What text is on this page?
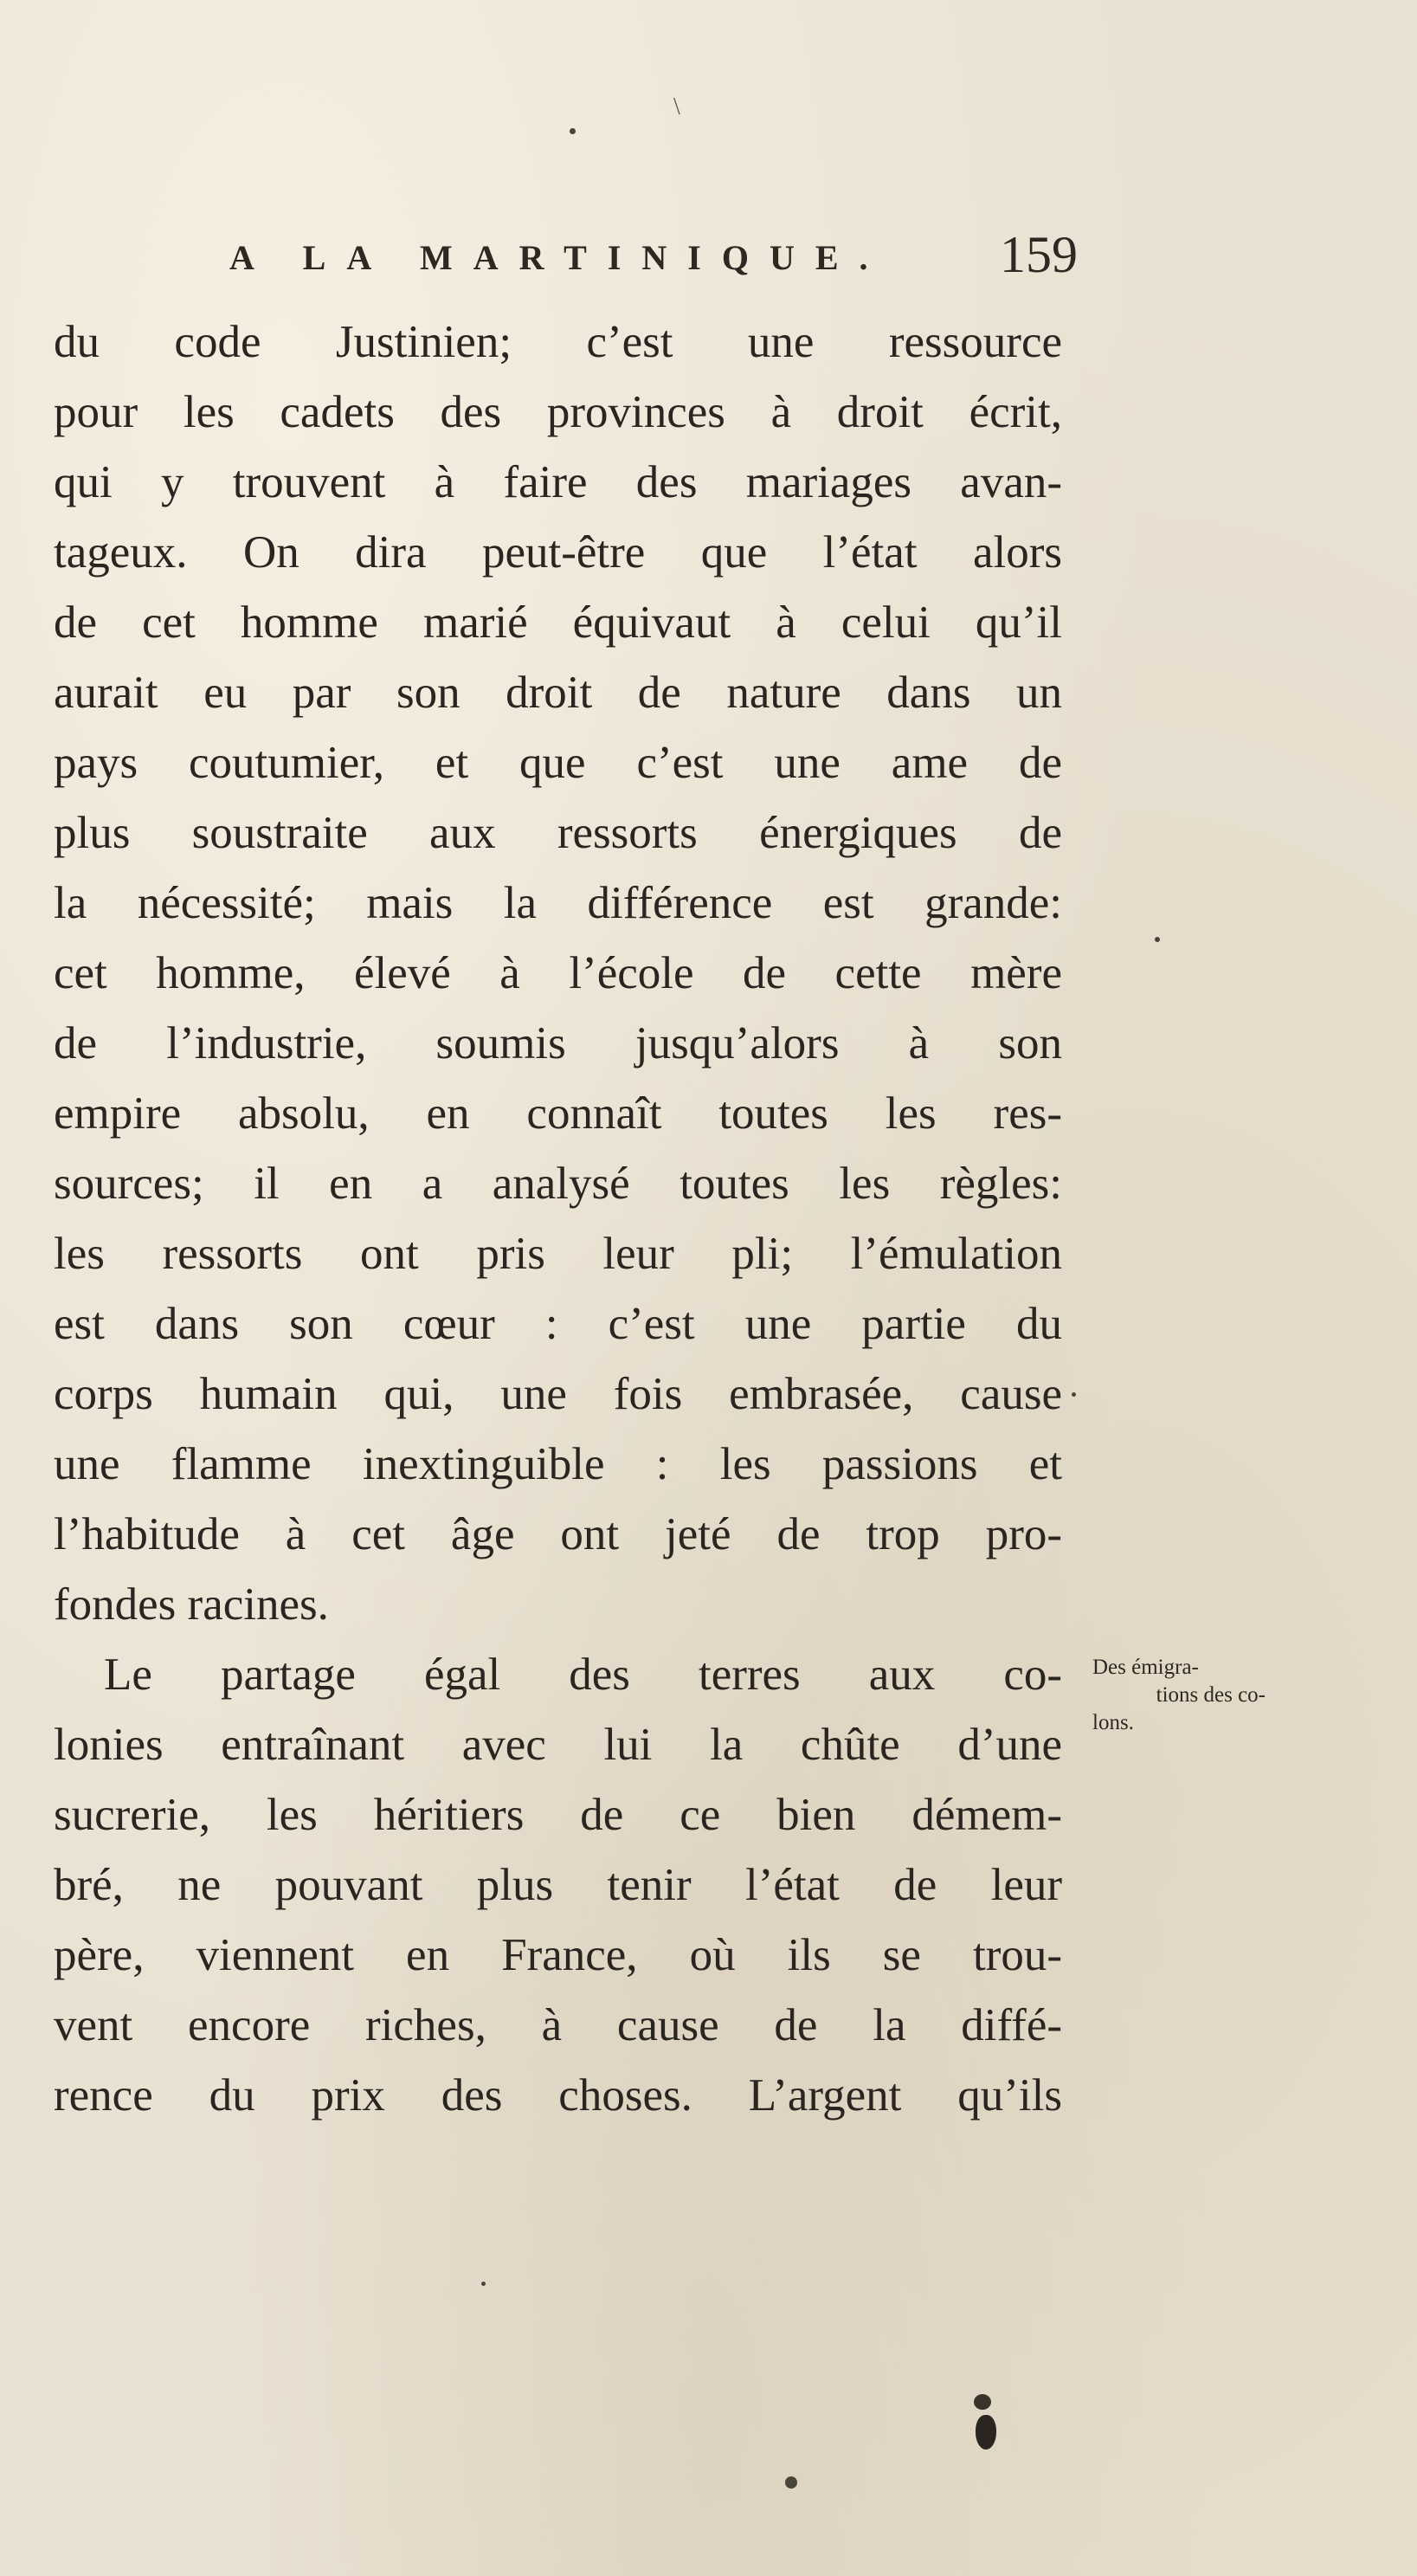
\
A LA MARTINIQUE. 159
du code Justinien; c’est une ressource
pour les cadets des provinces à droit écrit,
qui y trouvent à faire des mariages avan-
tageux. On dira peut-être que l’état alors
de cet homme marié équivaut à celui qu’il
aurait eu par son droit de nature dans un
pays coutumier, et que c’est une ame de
plus soustraite aux ressorts énergiques de
la nécessité; mais la différence est grande:
cet homme, élevé à l’école de cette mère
de l’industrie, soumis jusqu’alors à son
empire absolu, en connaît toutes les res-
sources; il en a analysé toutes les règles:
les ressorts ont pris leur pli; l’émulation
est dans son cœur : c’est une partie du
corps humain qui, une fois embrasée, cause
une flamme inextinguible : les passions et
l’habitude à cet âge ont jeté de trop pro-
fondes racines.
Le partage égal des terres aux co-
lonies entraînant avec lui la chûte d’une
sucrerie, les héritiers de ce bien démem-
bré, ne pouvant plus tenir l’état de leur
père, viennent en France, où ils se trou-
vent encore riches, à cause de la diffé-
rence du prix des choses. L’argent qu’ils
Des émigra-
tions des co-
lons.
